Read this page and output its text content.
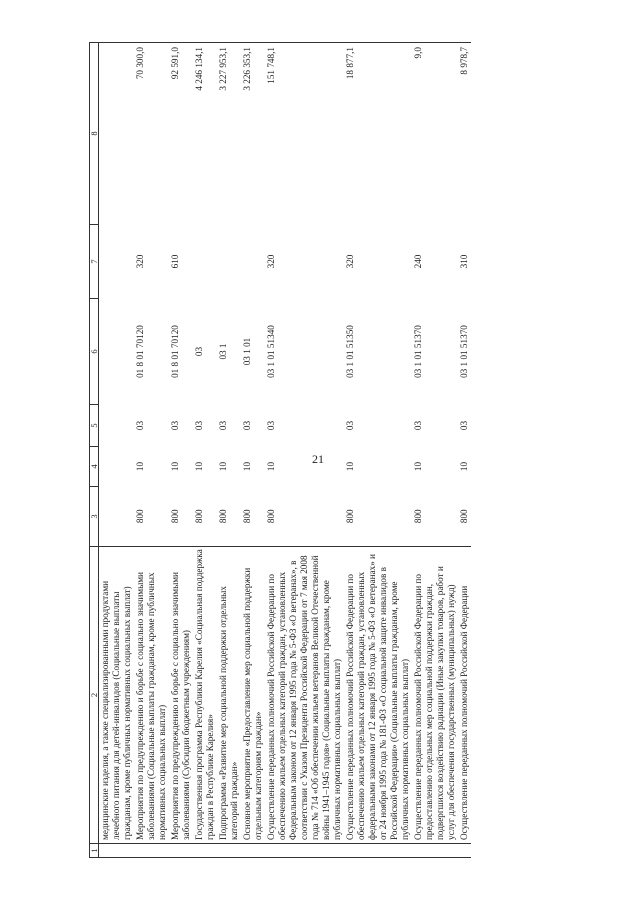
21
1	2	3	4	5	6	7	8
	медицинские изделия, а также специализированными продуктами лечебного питания для детей-инвалидов (Социальные выплаты гражданам, кроме публичных нормативных социальных выплат)						
	Мероприятия по предупреждению и борьбе с социально значимыми заболеваниями (Социальные выплаты гражданам, кроме публичных нормативных социальных выплат)	800	10	03	01 8 01 70120	320	70 300,0
	Мероприятия по предупреждению и борьбе с социально значимыми заболеваниями (Субсидии бюджетным учреждениям)	800	10	03	01 8 01 70120	610	92 591,0
	Государственная программа Республики Карелия «Социальная поддержка граждан в Республике Карелия»	800	10	03	03		4 246 134,1
	Подпрограмма «Развитие мер социальной поддержки отдельных категорий граждан»	800	10	03	03 1		3 227 953,1
	Основное мероприятие «Предоставление мер социальной поддержки отдельным категориям граждан»	800	10	03	03 1 01		3 226 353,1
	Осуществление переданных полномочий Российской Федерации по обеспечению жильем отдельных категорий граждан, установленных Федеральным законом от 12 января 1995 года № 5-ФЗ «О ветеранах», в соответствии с Указом Президента Российской Федерации от 7 мая 2008 года № 714 «Об обеспечении жильем ветеранов Великой Отечественной войны 1941–1945 годов» (Социальные выплаты гражданам, кроме публичных нормативных социальных выплат)	800	10	03	03 1 01 51340	320	151 748,1
	Осуществление переданных полномочий Российской Федерации по обеспечению жильем отдельных категорий граждан, установленных федеральными законами от 12 января 1995 года № 5-ФЗ «О ветеранах» и от 24 ноября 1995 года № 181-ФЗ «О социальной защите инвалидов в Российской Федерации» (Социальные выплаты гражданам, кроме публичных нормативных социальных выплат)	800	10	03	03 1 01 51350	320	18 877,1
	Осуществление переданных полномочий Российской Федерации по предоставлению отдельных мер социальной поддержки граждан, подвергшихся воздействию радиации (Иные закупки товаров, работ и услуг для обеспечения государственных (муниципальных) нужд)	800	10	03	03 1 01 51370	240	9,0
	Осуществление переданных полномочий Российской Федерации	800	10	03	03 1 01 51370	310	8 978,7
